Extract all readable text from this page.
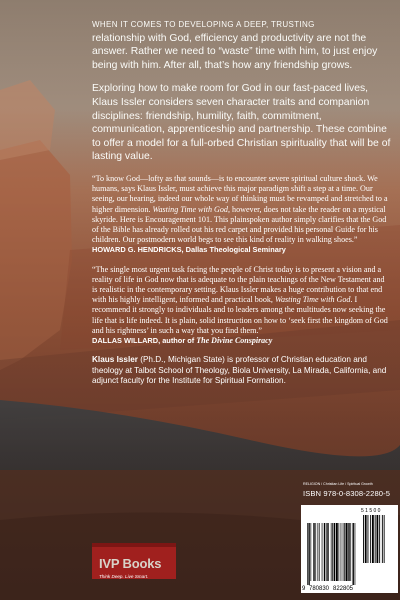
WHEN IT COMES TO DEVELOPING A DEEP, TRUSTING
relationship with God, efficiency and productivity are not the answer. Rather we need to “waste” time with him, to just enjoy being with him. After all, that’s how any friendship grows.

Exploring how to make room for God in our fast-paced lives, Klaus Issler considers seven character traits and companion disciplines: friendship, humility, faith, commitment, communication, apprenticeship and partnership. These combine to offer a model for a full-orbed Christian spirituality that will be of lasting value.

“To know God—lofty as that sounds—is to encounter severe spiritual culture shock. We humans, says Klaus Issler, must achieve this major paradigm shift a step at a time. Our seeing, our hearing, indeed our whole way of thinking must be revamped and stretched to a higher dimension. Wasting Time with God, however, does not take the reader on a mystical skyride. Here is Encouragement 101. This plainspoken author simply clarifies that the God of the Bible has already rolled out his red carpet and provided his personal Guide for his children. Our postmodern world begs to see this kind of reality in walking shoes.”
HOWARD G. HENDRICKS, Dallas Theological Seminary

“The single most urgent task facing the people of Christ today is to present a vision and a reality of life in God now that is adequate to the plain teachings of the New Testament and is realistic in the contemporary setting. Klaus Issler makes a huge contribution to that end with his highly intelligent, informed and practical book, Wasting Time with God. I recommend it strongly to individuals and to leaders among the multitudes now seeking the life that is life indeed. It is plain, solid instruction on how to ‘seek first the kingdom of God and his rightness’ in such a way that you find them.”
DALLAS WILLARD, author of The Divine Conspiracy

Klaus Issler (Ph.D., Michigan State) is professor of Christian education and theology at Talbot School of Theology, Biola University, La Mirada, California, and adjunct faculty for the Institute for Spiritual Formation.

RELIGION / Christian Life / Spiritual Growth
ISBN 978-0-8308-2280-5
5 1 5 0 0
9 780830 822805
IVP Books
Think Deep. Live Smart.
